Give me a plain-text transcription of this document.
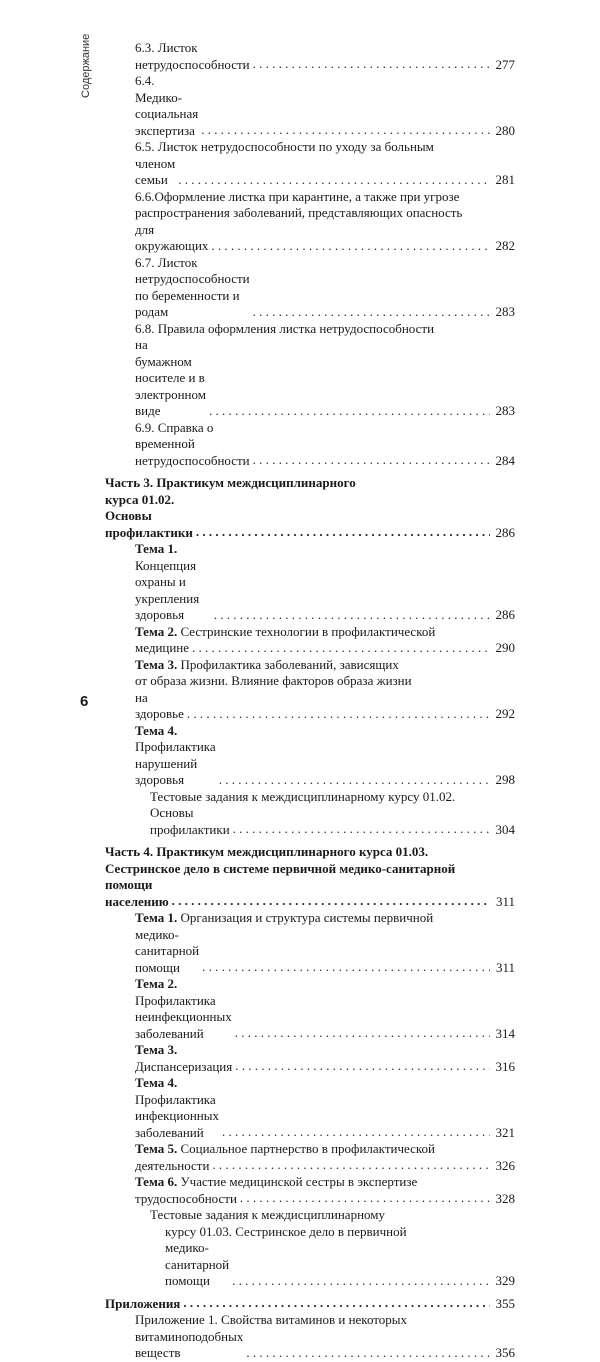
Содержание	6.3. Листок нетрудоспособности . . .	277
6.4. Медико-социальная экспертиза . . .	280
6.5. Листок нетрудоспособности по уходу за больным
членом семьи . . .	281
6.6.Оформление листка при карантине, а также при угрозе
распространения заболеваний, представляющих опасность
для окружающих . . .	282
6.7. Листок нетрудоспособности по беременности и родам . . .	283
6.8. Правила оформления листка нетрудоспособности
на бумажном носителе и в электронном виде . . .	283
6.9. Справка о временной нетрудоспособности . . .	284
Часть 3. Практикум междисциплинарного
курса 01.02. Основы профилактики . . .	286
Тема 1. Концепция охраны и укрепления здоровья . . .	286
Тема 2. Сестринские технологии в профилактической
медицине . . .	290
Тема 3. Профилактика заболеваний, зависящих
от образа жизни. Влияние факторов образа жизни
на здоровье . . .	292
Тема 4. Профилактика нарушений здоровья . . .	298
Тестовые задания к междисциплинарному курсу 01.02.
Основы профилактики . . .	304
Часть 4. Практикум междисциплинарного курса 01.03.
Сестринское дело в системе первичной медико-санитарной
помощи населению . . .	311
Тема 1. Организация и структура системы первичной
медико-санитарной помощи . . .	311
Тема 2. Профилактика неинфекционных заболеваний . . .	314
Тема 3. Диспансеризация . . .	316
Тема 4. Профилактика инфекционных заболеваний . . .	321
Тема 5. Социальное партнерство в профилактической
деятельности . . .	326
Тема 6. Участие медицинской сестры в экспертизе
трудоспособности . . .	328
Тестовые задания к междисциплинарному
курсу 01.03. Сестринское дело в первичной
медико-санитарной помощи . . .	329
Приложения . . .	355
Приложение 1. Свойства витаминов и некоторых
витаминоподобных веществ . . .	356
6
